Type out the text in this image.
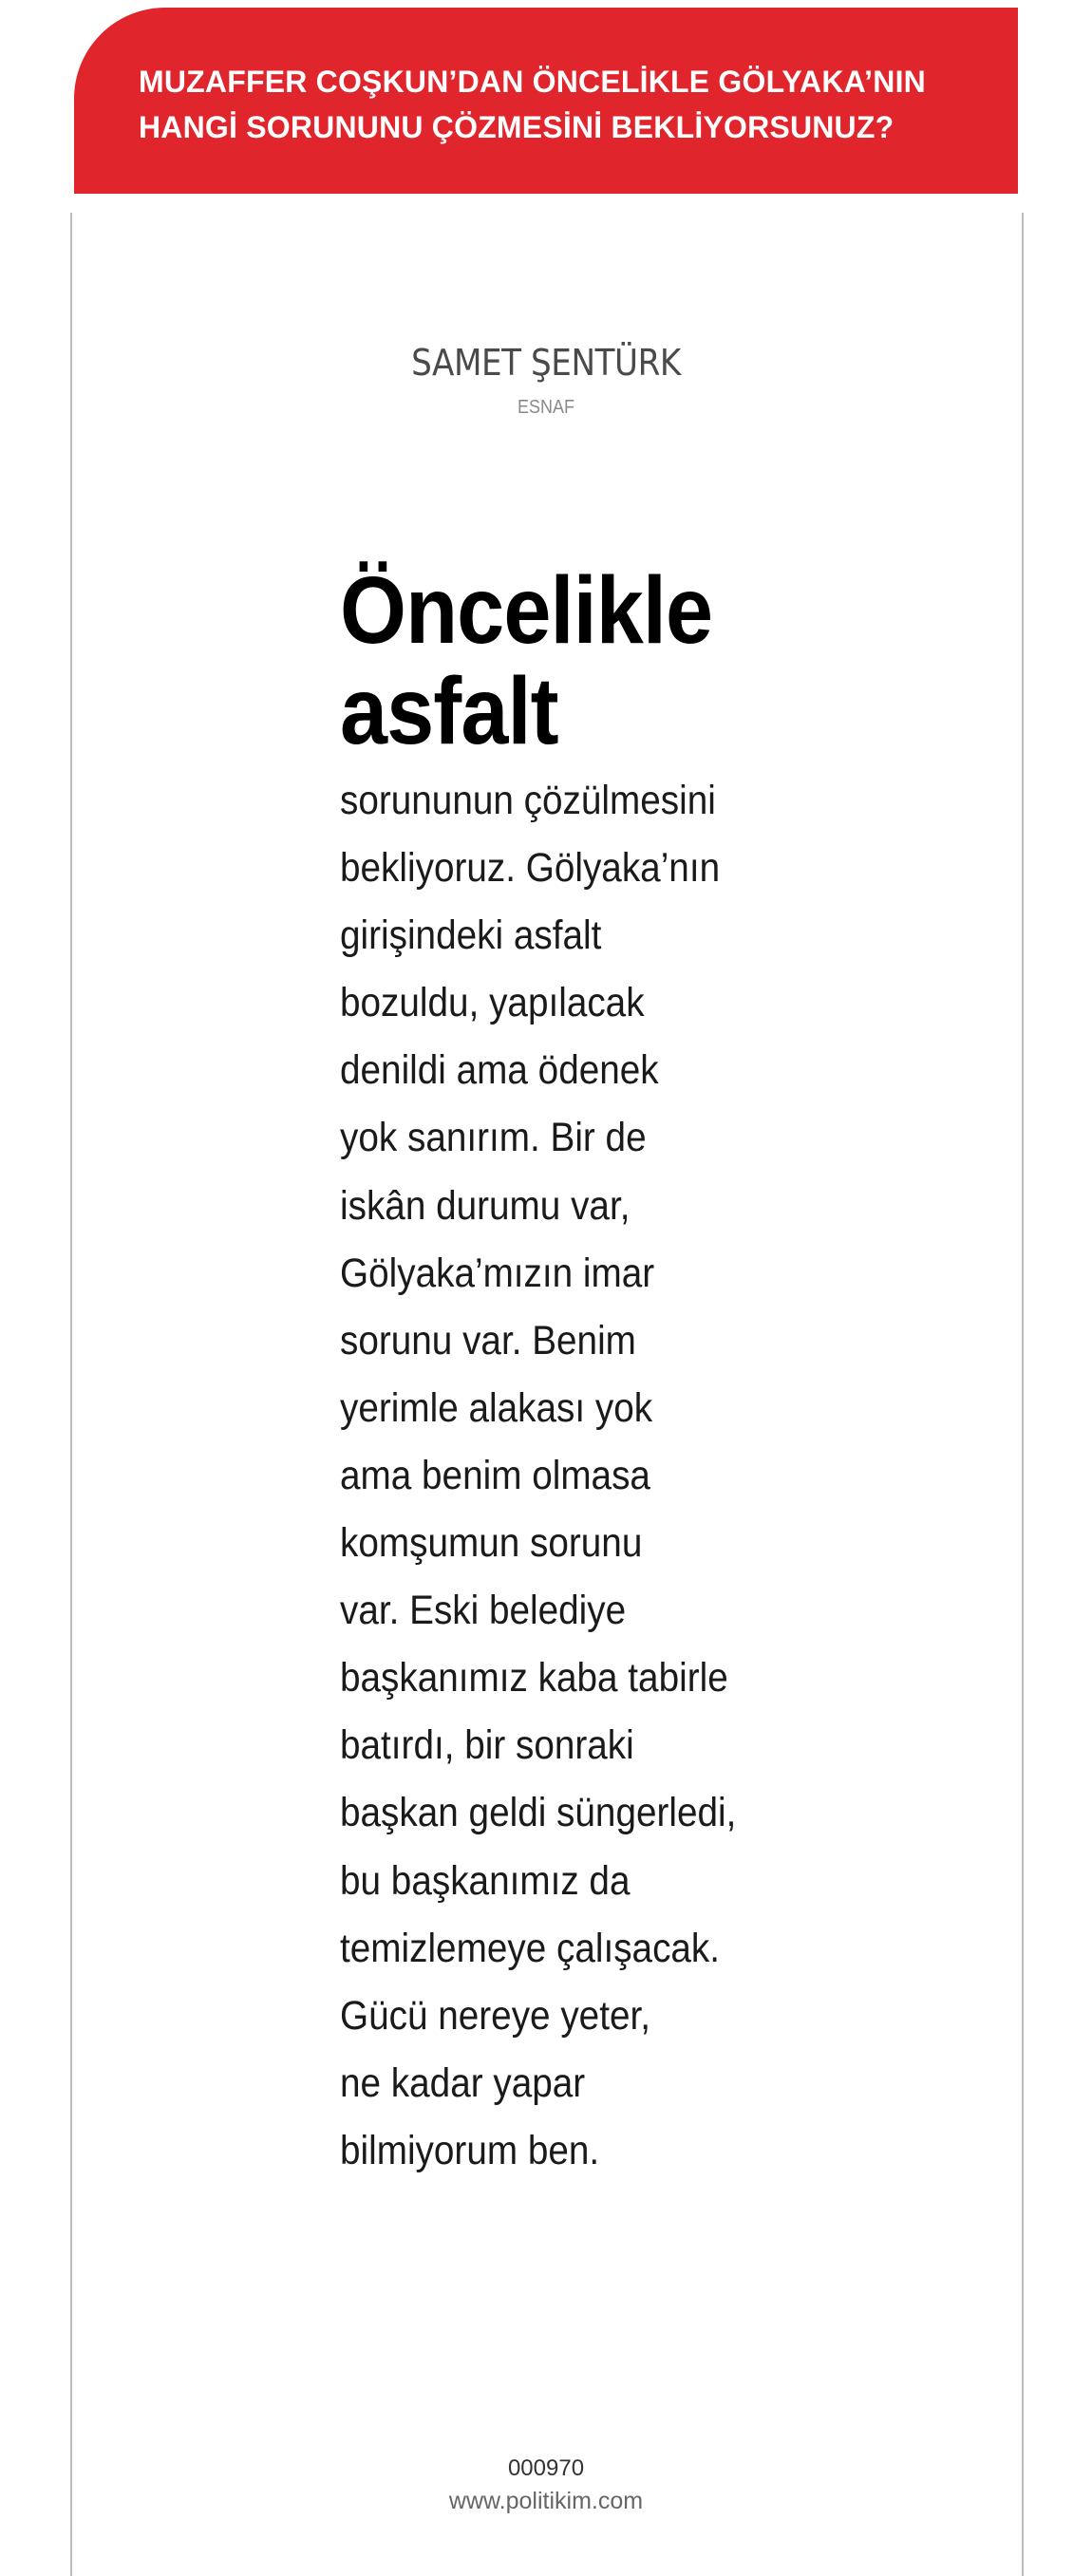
MUZAFFER COŞKUN’DAN ÖNCELİKLE GÖLYAKA’NIN
HANGİ SORUNUNU ÇÖZMESİNİ BEKLİYORSUNUZ?
SAMET ŞENTÜRK
ESNAF
Öncelikle
asfalt
sorununun çözülmesini
bekliyoruz. Gölyaka’nın
girişindeki asfalt
bozuldu, yapılacak
denildi ama ödenek
yok sanırım. Bir de
iskân durumu var,
Gölyaka’mızın imar
sorunu var. Benim
yerimle alakası yok
ama benim olmasa
komşumun sorunu
var. Eski belediye
başkanımız kaba tabirle
batırdı, bir sonraki
başkan geldi süngerledi,
bu başkanımız da
temizlemeye çalışacak.
Gücü nereye yeter,
ne kadar yapar
bilmiyorum ben.
000970
www.politikim.com
